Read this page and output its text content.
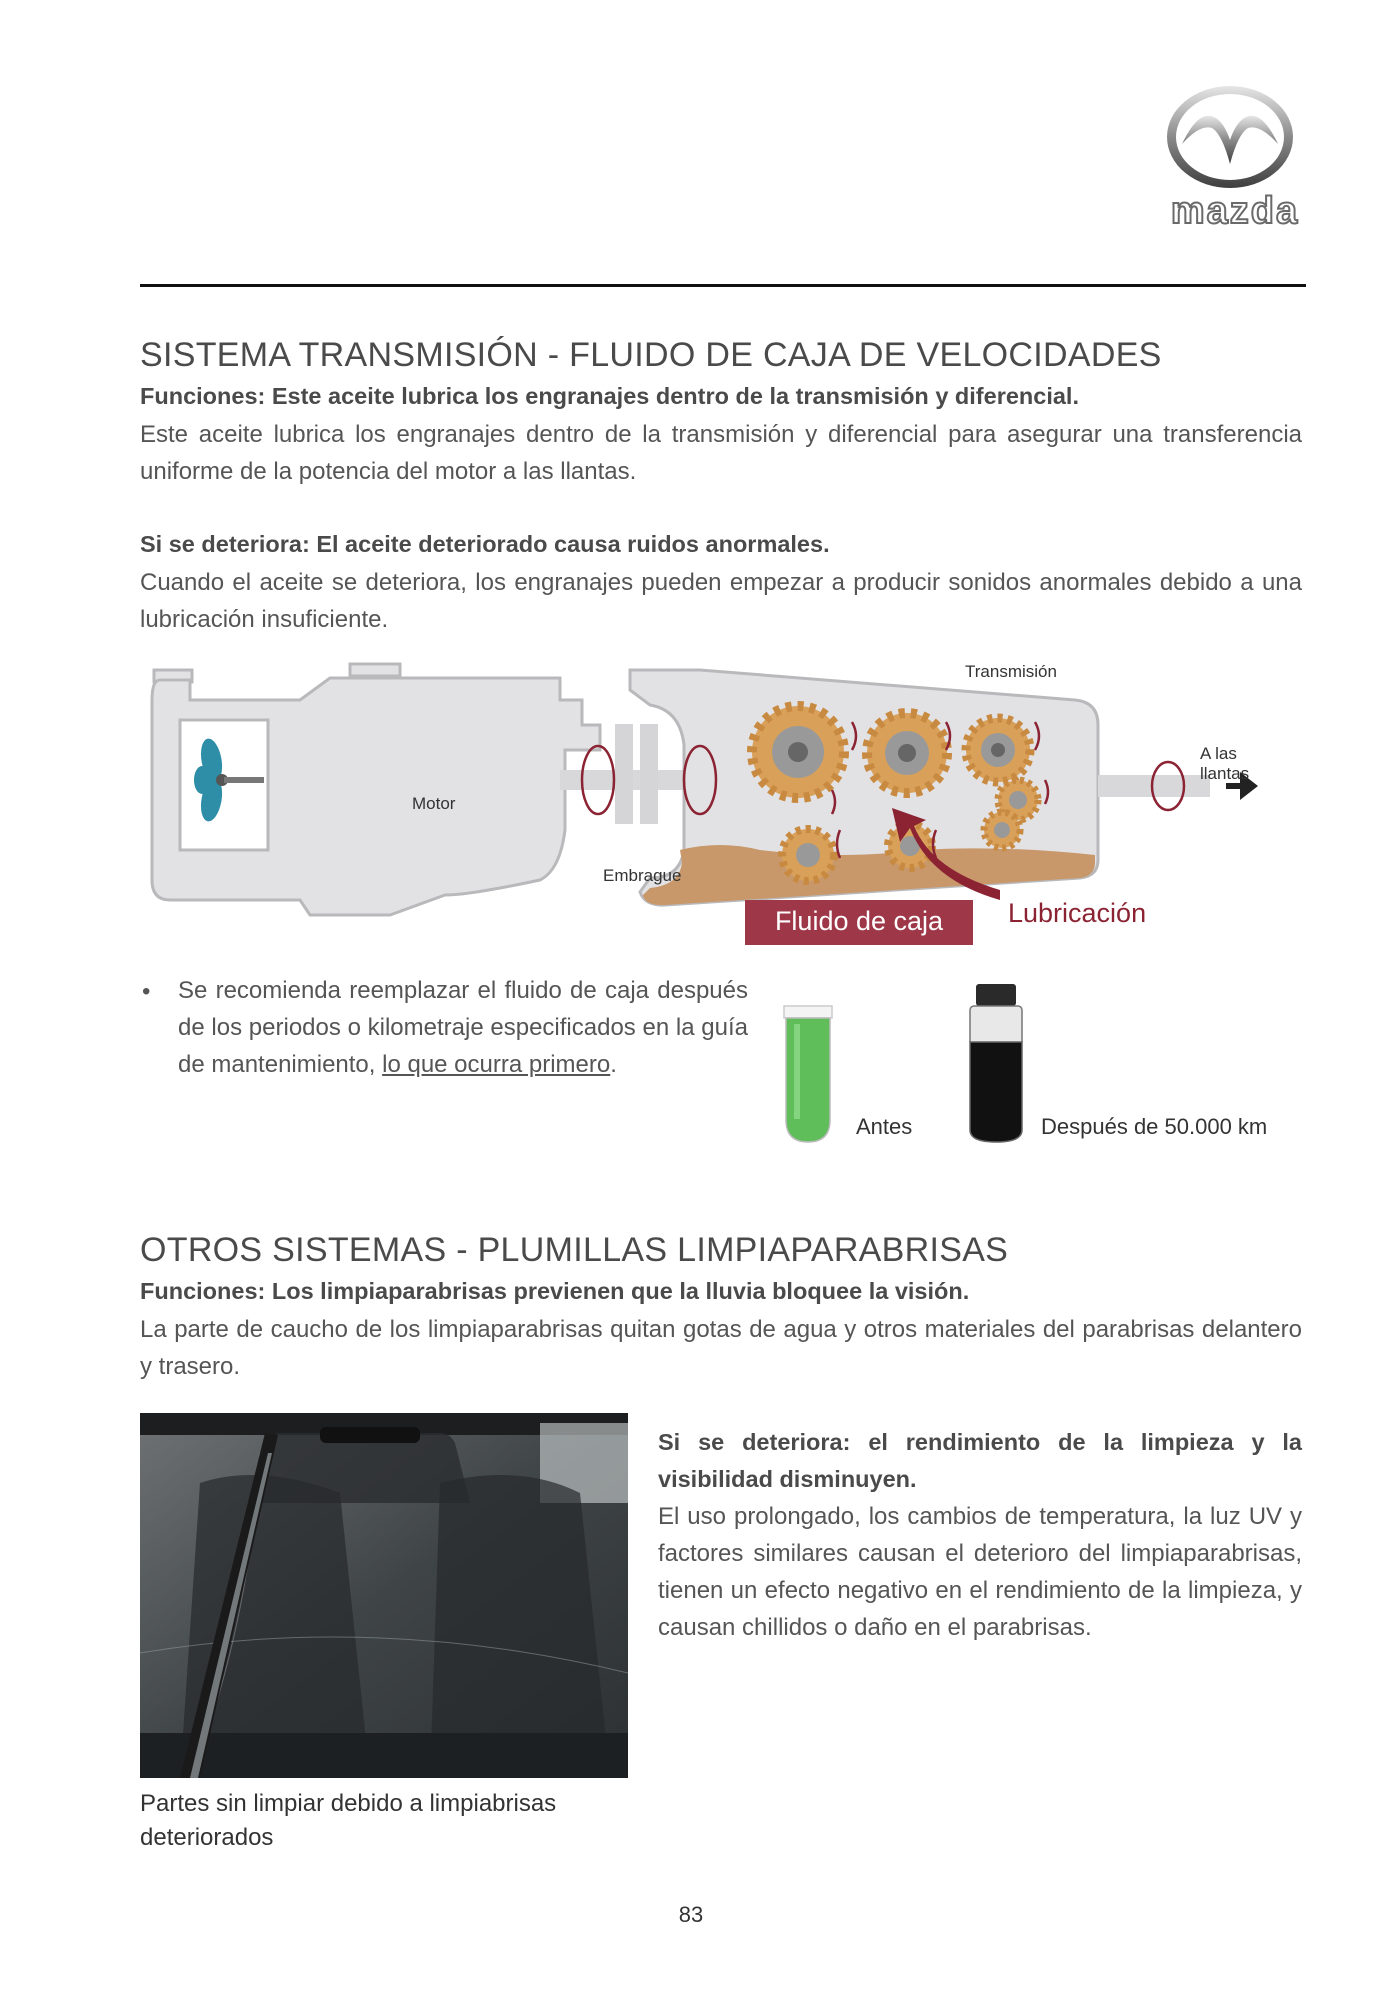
mazda
SISTEMA TRANSMISIÓN - FLUIDO DE CAJA DE VELOCIDADES
Funciones: Este aceite lubrica los engranajes dentro de la transmisión y diferencial.
Este aceite lubrica los engranajes dentro de la transmisión y diferencial para asegurar una transferencia uniforme de la potencia del motor a las llantas.
Si se deteriora: El aceite deteriorado causa ruidos anormales.
Cuando el aceite se deteriora, los engranajes pueden empezar a producir sonidos anormales debido a una lubricación insuficiente.
Motor
Embrague
Transmisión
A las llantas
Fluido de caja	Lubricación
• Se recomienda reemplazar el fluido de caja después de los periodos o kilometraje especificados en la guía de mantenimiento, lo que ocurra primero.
Antes	Después de 50.000 km
OTROS SISTEMAS - PLUMILLAS LIMPIAPARABRISAS
Funciones: Los limpiaparabrisas previenen que la lluvia bloquee la visión.
La parte de caucho de los limpiaparabrisas quitan gotas de agua y otros materiales del parabrisas delantero y trasero.
Partes sin limpiar debido a limpiabrisas deteriorados
Si se deteriora: el rendimiento de la limpieza y la visibilidad disminuyen.
El uso prolongado, los cambios de temperatura, la luz UV y factores similares causan el deterioro del limpiaparabrisas, tienen un efecto negativo en el rendimiento de la limpieza, y causan chillidos o daño en el parabrisas.
83
